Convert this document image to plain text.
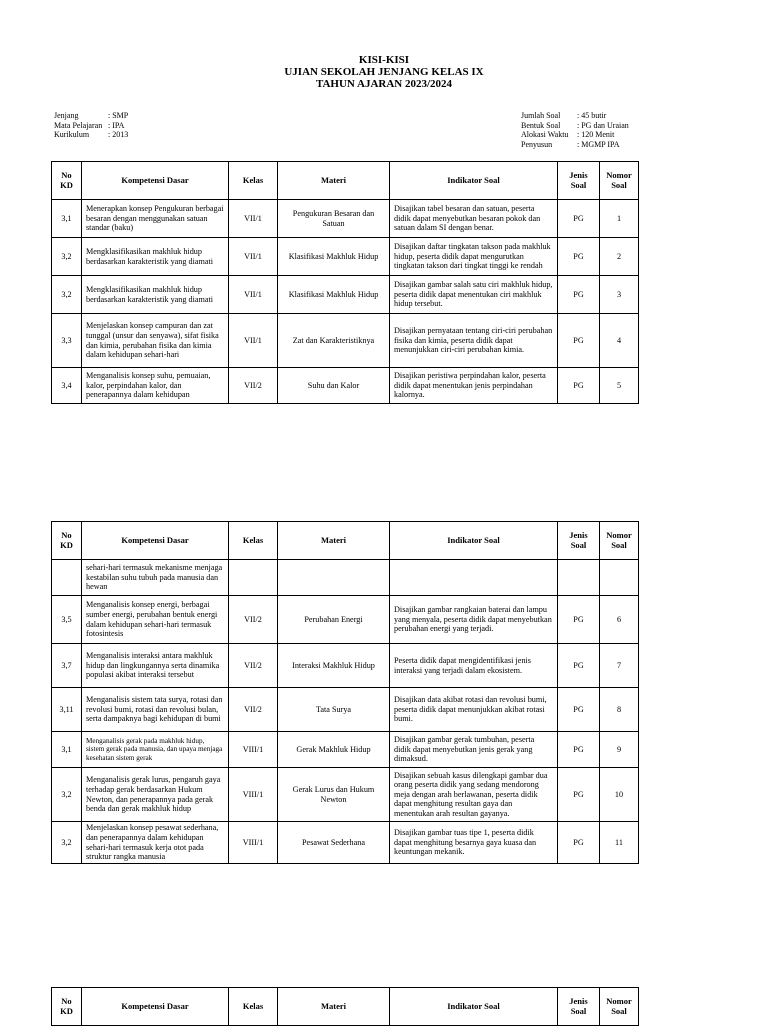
KISI-KISI
UJIAN SEKOLAH JENJANG KELAS IX
TAHUN AJARAN 2023/2024
Jenjang	: SMP
Mata Pelajaran : IPA
Kurikulum	: 2013
Jumlah Soal	: 45 butir
Bentuk Soal	: PG dan Uraian
Alokasi Waktu	: 120 Menit
Penyusun	: MGMP IPA
No KD	Kompetensi Dasar	Kelas	Materi	Indikator Soal	Jenis Soal	Nomor Soal
3,1	Menerapkan konsep Pengukuran berbagai besaran dengan menggunakan satuan standar (baku)	VII/1	Pengukuran Besaran dan Satuan	Disajikan tabel besaran dan satuan, peserta didik dapat menyebutkan besaran pokok dan satuan dalam SI dengan benar.	PG	1
3,2	Mengklasifikasikan makhluk hidup berdasarkan karakteristik yang diamati	VII/1	Klasifikasi Makhluk Hidup	Disajikan daftar tingkatan takson pada makhluk hidup, peserta didik dapat mengurutkan tingkatan takson dari tingkat tinggi ke rendah	PG	2
3,2	Mengklasifikasikan makhluk hidup berdasarkan karakteristik yang diamati	VII/1	Klasifikasi Makhluk Hidup	Disajikan gambar salah satu ciri makhluk hidup, peserta didik dapat menentukan ciri makhluk hidup tersebut.	PG	3
3,3	Menjelaskan konsep campuran dan zat tunggal (unsur dan senyawa), sifat fisika dan kimia, perubahan fisika dan kimia dalam kehidupan sehari-hari	VII/1	Zat dan Karakteristiknya	Disajikan pernyataan tentang ciri-ciri perubahan fisika dan kimia, peserta didik dapat menunjukkan ciri-ciri perubahan kimia.	PG	4
3,4	Menganalisis konsep suhu, pemuaian, kalor, perpindahan kalor, dan penerapannya dalam kehidupan	VII/2	Suhu dan Kalor	Disajikan peristiwa perpindahan kalor, peserta didik dapat menentukan jenis perpindahan kalornya.	PG	5
No KD	Kompetensi Dasar	Kelas	Materi	Indikator Soal	Jenis Soal	Nomor Soal
	sehari-hari termasuk mekanisme menjaga kestabilan suhu tubuh pada manusia dan hewan					
3,5	Menganalisis konsep energi, berbagai sumber energi, perubahan bentuk energi dalam kehidupan sehari-hari termasuk fotosintesis	VII/2	Perubahan Energi	Disajikan gambar rangkaian baterai dan lampu yang menyala, peserta didik dapat menyebutkan perubahan energi yang terjadi.	PG	6
3,7	Menganalisis interaksi antara makhluk hidup dan lingkungannya serta dinamika populasi akibat interaksi tersebut	VII/2	Interaksi Makhluk Hidup	Peserta didik dapat mengidentifikasi jenis interaksi yang terjadi dalam ekosistem.	PG	7
3,11	Menganalisis sistem tata surya, rotasi dan revolusi bumi, rotasi dan revolusi bulan, serta dampaknya bagi kehidupan di bumi	VII/2	Tata Surya	Disajikan data akibat rotasi dan revolusi bumi, peserta didik dapat menunjukkan akibat rotasi bumi.	PG	8
3,1	Menganalisis gerak pada makhluk hidup, sistem gerak pada manusia, dan upaya menjaga kesehatan sistem gerak	VIII/1	Gerak Makhluk Hidup	Disajikan gambar gerak tumbuhan, peserta didik dapat menyebutkan jenis gerak yang dimaksud.	PG	9
3,2	Menganalisis gerak lurus, pengaruh gaya terhadap gerak berdasarkan Hukum Newton, dan penerapannya pada gerak benda dan gerak makhluk hidup	VIII/1	Gerak Lurus dan Hukum Newton	Disajikan sebuah kasus dilengkapi gambar dua orang peserta didik yang sedang mendorong meja dengan arah berlawanan, peserta didik dapat menghitung resultan gaya dan menentukan arah resultan gayanya.	PG	10
3,2	Menjelaskan konsep pesawat sederhana, dan penerapannya dalam kehidupan sehari-hari termasuk kerja otot pada struktur rangka manusia	VIII/1	Pesawat Sederhana	Disajikan gambar tuas tipe 1, peserta didik dapat menghitung besarnya gaya kuasa dan keuntungan mekanik.	PG	11
No KD	Kompetensi Dasar	Kelas	Materi	Indikator Soal	Jenis Soal	Nomor Soal
